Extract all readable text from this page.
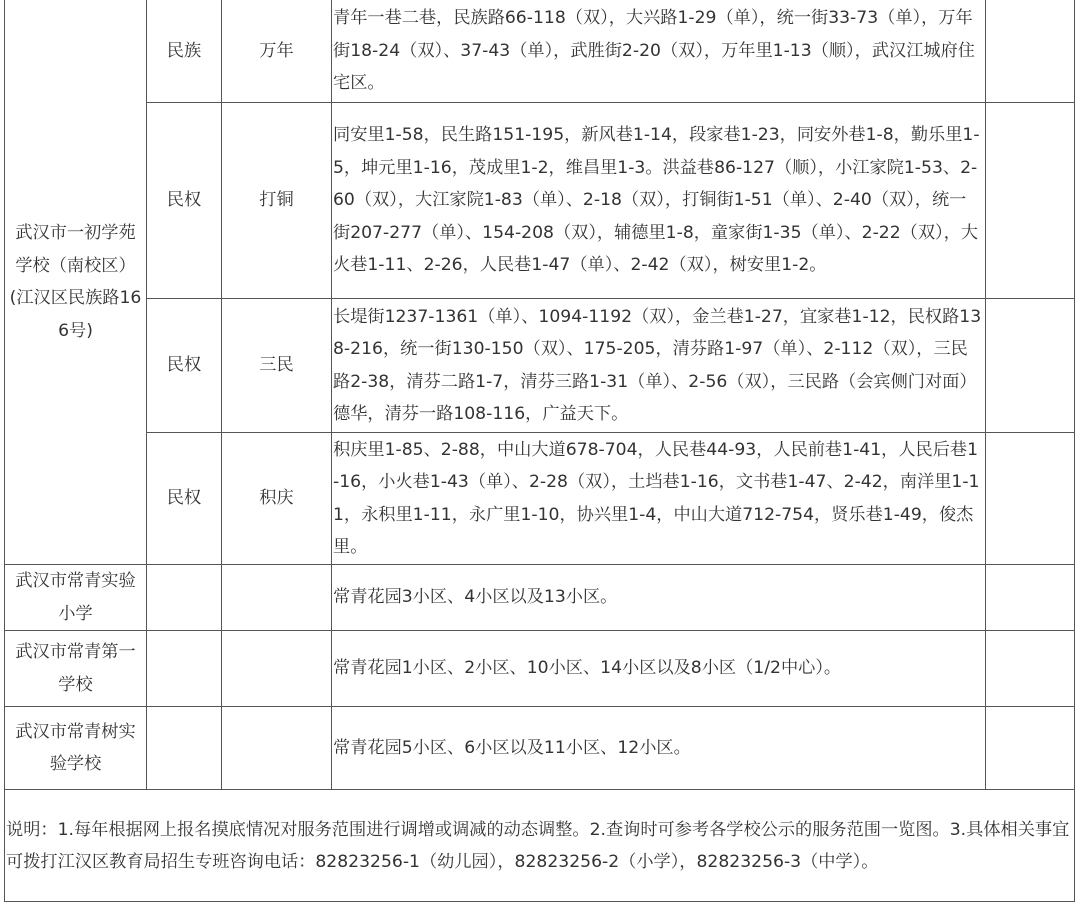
武汉市一初学苑学校（南校区）(江汉区民族路166号)	民族	万年	青年一巷二巷，民族路66-118（双），大兴路1-29（单），统一街33-73（单），万年街18-24（双）、37-43（单），武胜街2-20（双），万年里1-13（顺），武汉江城府住宅区。	
	民权	打铜	同安里1-58，民生路151-195，新风巷1-14，段家巷1-23，同安外巷1-8，勤乐里1-5，坤元里1-16，茂成里1-2，维昌里1-3。洪益巷86-127（顺），小江家院1-53、2-60（双），大江家院1-83（单）、2-18（双），打铜街1-51（单）、2-40（双），统一街207-277（单）、154-208（双），辅德里1-8，童家街1-35（单）、2-22（双），大火巷1-11、2-26，人民巷1-47（单）、2-42（双），树安里1-2。	
	民权	三民	长堤街1237-1361（单）、1094-1192（双），金兰巷1-27，宜家巷1-12，民权路138-216，统一街130-150（双）、175-205，清芬路1-97（单）、2-112（双），三民路2-38，清芬二路1-7，清芬三路1-31（单）、2-56（双），三民路（会宾侧门对面）德华，清芬一路108-116，广益天下。	
	民权	积庆	积庆里1-85、2-88，中山大道678-704，人民巷44-93，人民前巷1-41，人民后巷1-16，小火巷1-43（单）、2-28（双），土垱巷1-16，文书巷1-47、2-42，南洋里1-11，永积里1-11，永广里1-10，协兴里1-4，中山大道712-754，贤乐巷1-49，俊杰里。	
武汉市常青实验小学			常青花园3小区、4小区以及13小区。	
武汉市常青第一学校			常青花园1小区、2小区、10小区、14小区以及8小区（1/2中心）。	
武汉市常青树实验学校			常青花园5小区、6小区以及11小区、12小区。	
说明：1.每年根据网上报名摸底情况对服务范围进行调增或调减的动态调整。2.查询时可参考各学校公示的服务范围一览图。3.具体相关事宜可拨打江汉区教育局招生专班咨询电话：82823256-1（幼儿园），82823256-2（小学），82823256-3（中学）。				
